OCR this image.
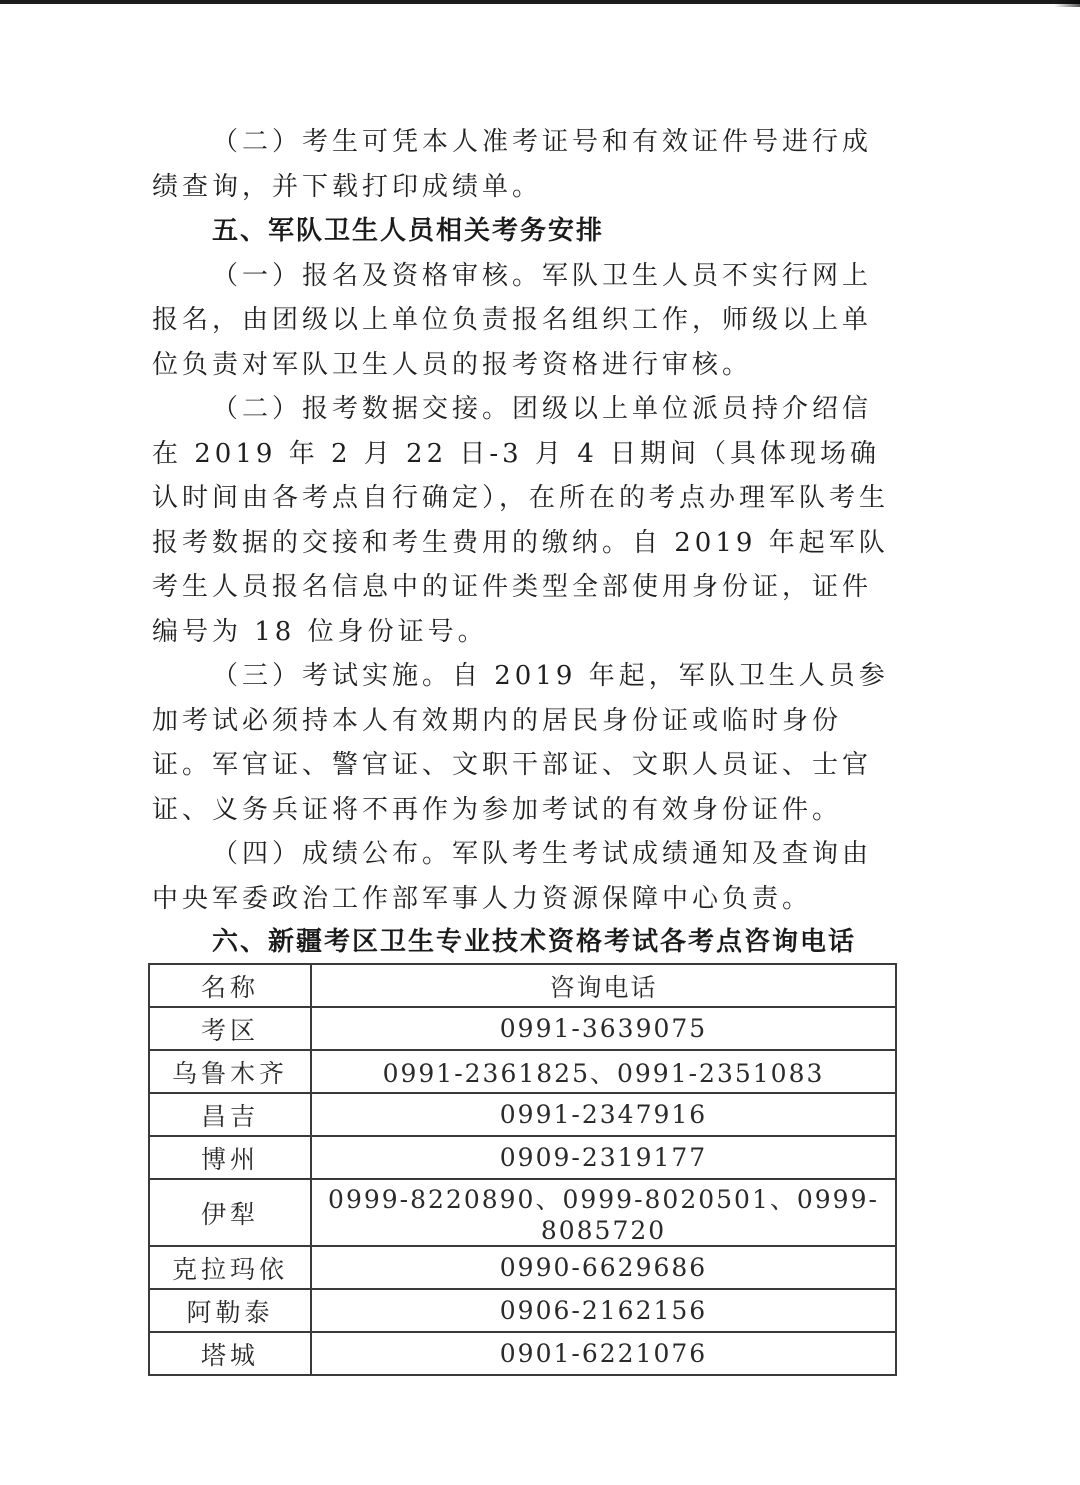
（二）考生可凭本人准考证号和有效证件号进行成绩查询，并下载打印成绩单。

五、军队卫生人员相关考务安排

（一）报名及资格审核。军队卫生人员不实行网上报名，由团级以上单位负责报名组织工作，师级以上单位负责对军队卫生人员的报考资格进行审核。

（二）报考数据交接。团级以上单位派员持介绍信在 2019 年 2 月 22 日-3 月 4 日期间（具体现场确认时间由各考点自行确定），在所在的考点办理军队考生报考数据的交接和考生费用的缴纳。自 2019 年起军队考生人员报名信息中的证件类型全部使用身份证，证件编号为 18 位身份证号。

（三）考试实施。自 2019 年起，军队卫生人员参加考试必须持本人有效期内的居民身份证或临时身份证。军官证、警官证、文职干部证、文职人员证、士官证、义务兵证将不再作为参加考试的有效身份证件。

（四）成绩公布。军队考生考试成绩通知及查询由中央军委政治工作部军事人力资源保障中心负责。

六、新疆考区卫生专业技术资格考试各考点咨询电话

名称	咨询电话
考区	0991-3639075
乌鲁木齐	0991-2361825、0991-2351083
昌吉	0991-2347916
博州	0909-2319177
伊犁	0999-8220890、0999-8020501、0999-8085720
克拉玛依	0990-6629686
阿勒泰	0906-2162156
塔城	0901-6221076
